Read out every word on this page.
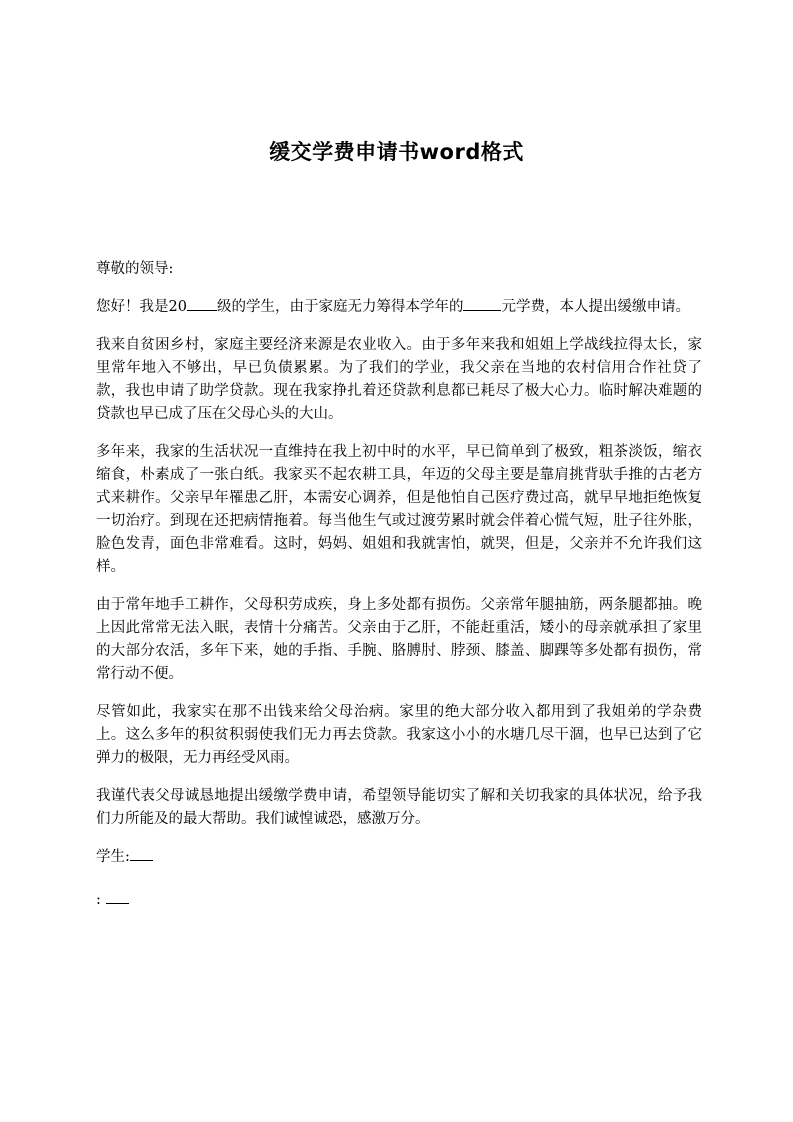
缓交学费申请书word格式

尊敬的领导:

您好！我是20 级的学生，由于家庭无力筹得本学年的	元学费，本人提出缓缴申请。

我来自贫困乡村，家庭主要经济来源是农业收入。由于多年来我和姐姐上学战线拉得太长，家里常年地入不够出，早已负债累累。为了我们的学业，我父亲在当地的农村信用合作社贷了款，我也申请了助学贷款。现在我家挣扎着还贷款利息都已耗尽了极大心力。临时解决难题的贷款也早已成了压在父母心头的大山。

多年来，我家的生活状况一直维持在我上初中时的水平，早已简单到了极致，粗茶淡饭，缩衣缩食，朴素成了一张白纸。我家买不起农耕工具，年迈的父母主要是靠肩挑背驮手推的古老方式来耕作。父亲早年罹患乙肝，本需安心调养，但是他怕自己医疗费过高，就早早地拒绝恢复一切治疗。到现在还把病情拖着。每当他生气或过渡劳累时就会伴着心慌气短，肚子往外胀，脸色发青，面色非常难看。这时，妈妈、姐姐和我就害怕，就哭，但是，父亲并不允许我们这样。

由于常年地手工耕作，父母积劳成疾，身上多处都有损伤。父亲常年腿抽筋，两条腿都抽。晚上因此常常无法入眠，表情十分痛苦。父亲由于乙肝，不能赶重活，矮小的母亲就承担了家里的大部分农活，多年下来，她的手指、手腕、胳膊肘、脖颈、膝盖、脚踝等多处都有损伤，常常行动不便。

尽管如此，我家实在那不出钱来给父母治病。家里的绝大部分收入都用到了我姐弟的学杂费上。这么多年的积贫积弱使我们无力再去贷款。我家这小小的水塘几尽干涸，也早已达到了它弹力的极限，无力再经受风雨。

我谨代表父母诚恳地提出缓缴学费申请，希望领导能切实了解和关切我家的具体状况，给予我们力所能及的最大帮助。我们诚惶诚恐，感激万分。

学生:

:
